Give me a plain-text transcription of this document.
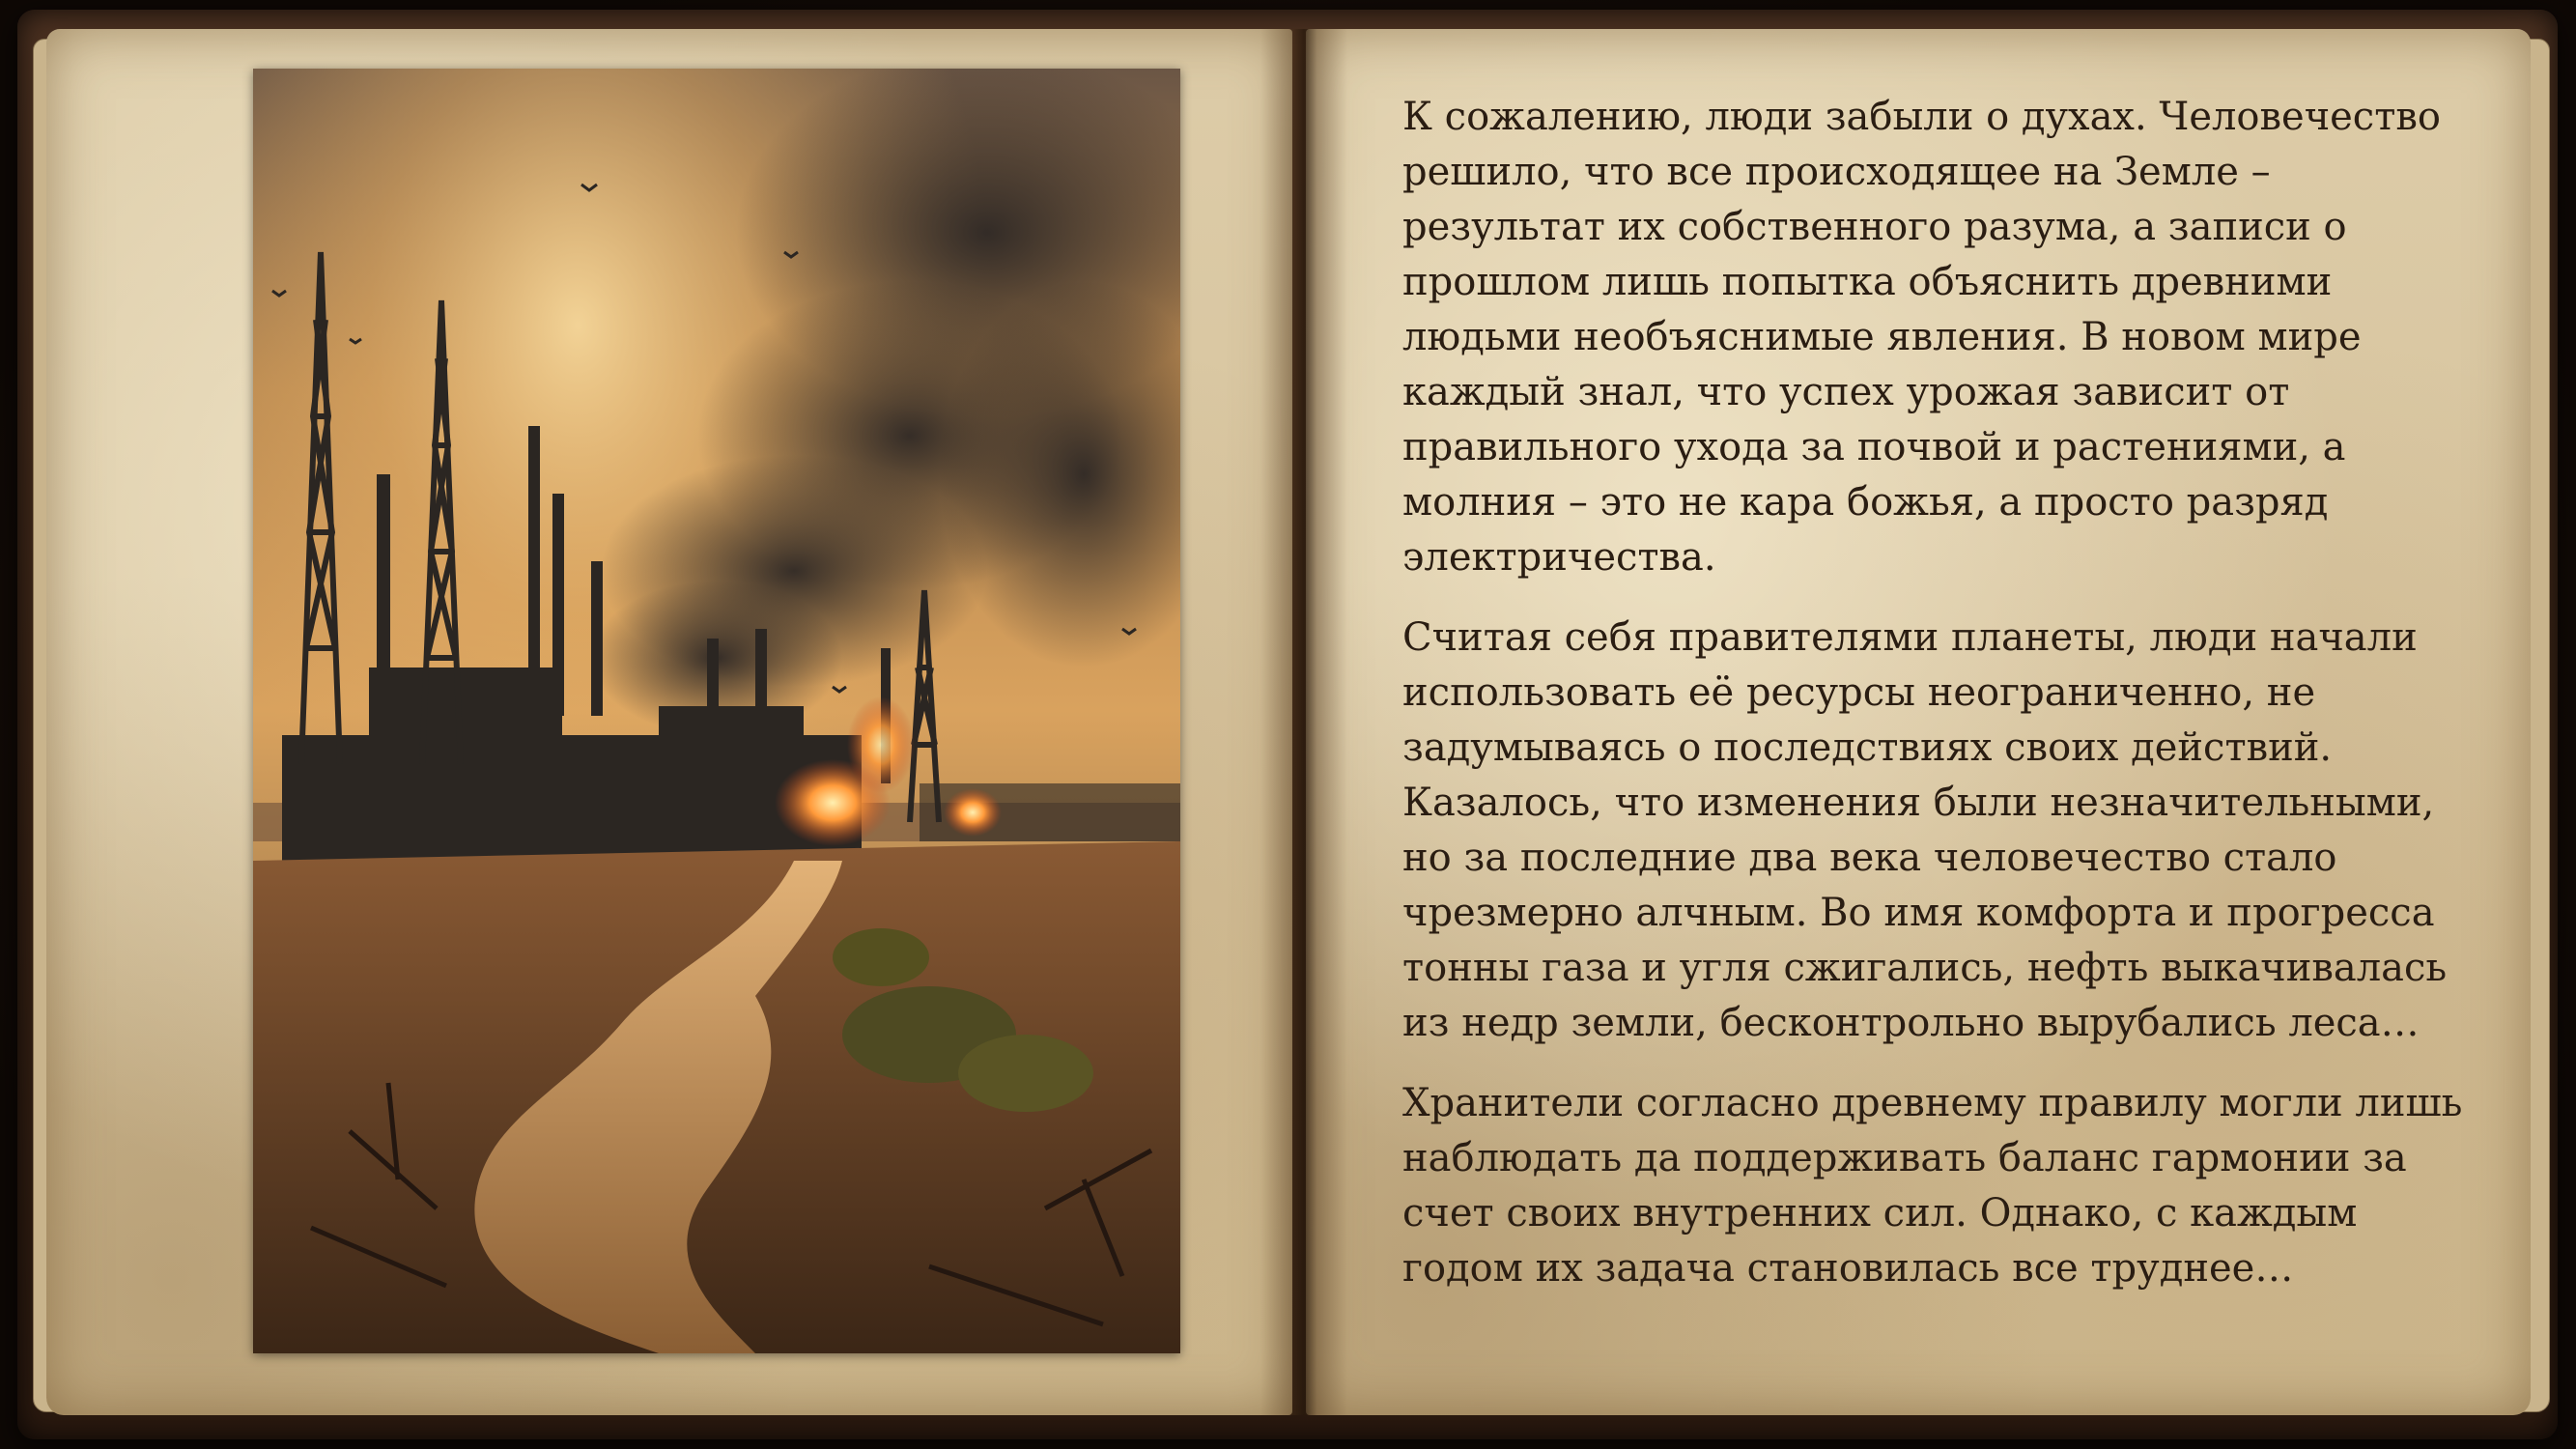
К сожалению, люди забыли о духах. Человечество решило, что все происходящее на Земле – результат их собственного разума, а записи о прошлом лишь попытка объяснить древними людьми необъяснимые явления. В новом мире каждый знал, что успех урожая зависит от правильного ухода за почвой и растениями, а молния – это не кара божья, а просто разряд электричества.

Считая себя правителями планеты, люди начали использовать её ресурсы неограниченно, не задумываясь о последствиях своих действий. Казалось, что изменения были незначительными, но за последние два века человечество стало чрезмерно алчным. Во имя комфорта и прогресса тонны газа и угля сжигались, нефть выкачивалась из недр земли, бесконтрольно вырубались леса…

Хранители согласно древнему правилу могли лишь наблюдать да поддерживать баланс гармонии за счет своих внутренних сил. Однако, с каждым годом их задача становилась все труднее…
